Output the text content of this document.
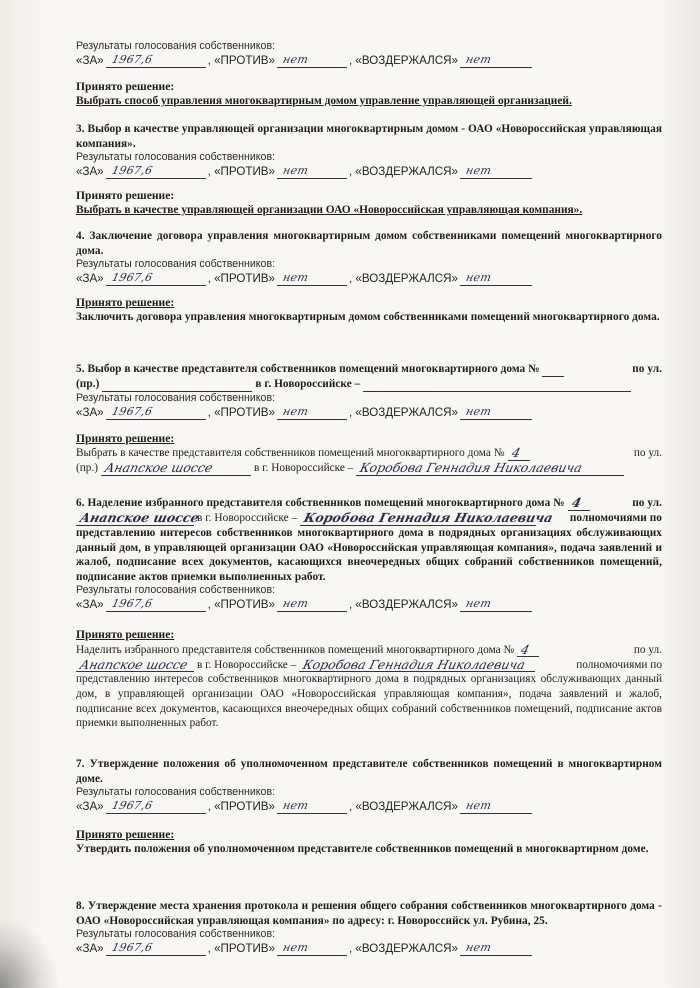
Результаты голосования собственников:
«ЗА» 1967,6	, «ПРОТИВ» нет	, «ВОЗДЕРЖАЛСЯ» нет
Принято решение:
Выбрать способ управления многоквартирным домом управление управляющей организацией.
3. Выбор в качестве управляющей организации многоквартирным домом - ОАО «Новороссийская управляющая компания».
Результаты голосования собственников:
«ЗА» 1967,6	, «ПРОТИВ» нет	, «ВОЗДЕРЖАЛСЯ» нет
Принято решение:
Выбрать в качестве управляющей организации ОАО «Новороссийская управляющая компания».
4. Заключение договора управления многоквартирным домом собственниками помещений многоквартирного дома.
Результаты голосования собственников:
«ЗА» 1967,6	, «ПРОТИВ» нет	, «ВОЗДЕРЖАЛСЯ» нет
Принято решение:
Заключить договора управления многоквартирным домом собственниками помещений многоквартирного дома.
5. Выбор в качестве представителя собственников помещений многоквартирного дома №	по ул.
(пр.)	в г. Новороссийске –
Результаты голосования собственников:
«ЗА» 1967,6	, «ПРОТИВ» нет	, «ВОЗДЕРЖАЛСЯ» нет
Принято решение:
Выбрать в качестве представителя собственников помещений многоквартирного дома № 4	по ул.
(пр.) Анапское шоссе	в г. Новороссийске – Коробова Геннадия Николаевича
6. Наделение избранного представителя собственников помещений многоквартирного дома № 4	по ул.
Анапское шоссе
в г. Новороссийске – Коробова Геннадия Николаевича полномочиями по
представлению интересов собственников многоквартирного дома в подрядных организациях обслуживающих данный дом, в управляющей организации ОАО «Новороссийская управляющая компания», подача заявлений и жалоб, подписание всех документов, касающихся внеочередных общих собраний собственников помещений, подписание актов приемки выполненных работ.
Результаты голосования собственников:
«ЗА» 1967,6	, «ПРОТИВ» нет	, «ВОЗДЕРЖАЛСЯ» нет
Принято решение:
Наделить избранного представителя собственников помещений многоквартирного дома № 4	по ул.
Анапское шоссе в г. Новороссийске – Коробова Геннадия Николаевича	полномочиями по
представлению интересов собственников многоквартирного дома в подрядных организациях обслуживающих данный дом, в управляющей организации ОАО «Новороссийская управляющая компания», подача заявлений и жалоб, подписание всех документов, касающихся внеочередных общих собраний собственников помещений, подписание актов приемки выполненных работ.
7. Утверждение положения об уполномоченном представителе собственников помещений в многоквартирном доме.
Результаты голосования собственников:
«ЗА» 1967,6	, «ПРОТИВ» нет	, «ВОЗДЕРЖАЛСЯ» нет
Принято решение:
Утвердить положения об уполномоченном представителе собственников помещений в многоквартирном доме.
8. Утверждение места хранения протокола и решения общего собрания собственников многоквартирного дома - ОАО «Новороссийская управляющая компания» по адресу: г. Новороссийск ул. Рубина, 25.
Результаты голосования собственников:
«ЗА» 1967,6	, «ПРОТИВ» нет	, «ВОЗДЕРЖАЛСЯ» нет
